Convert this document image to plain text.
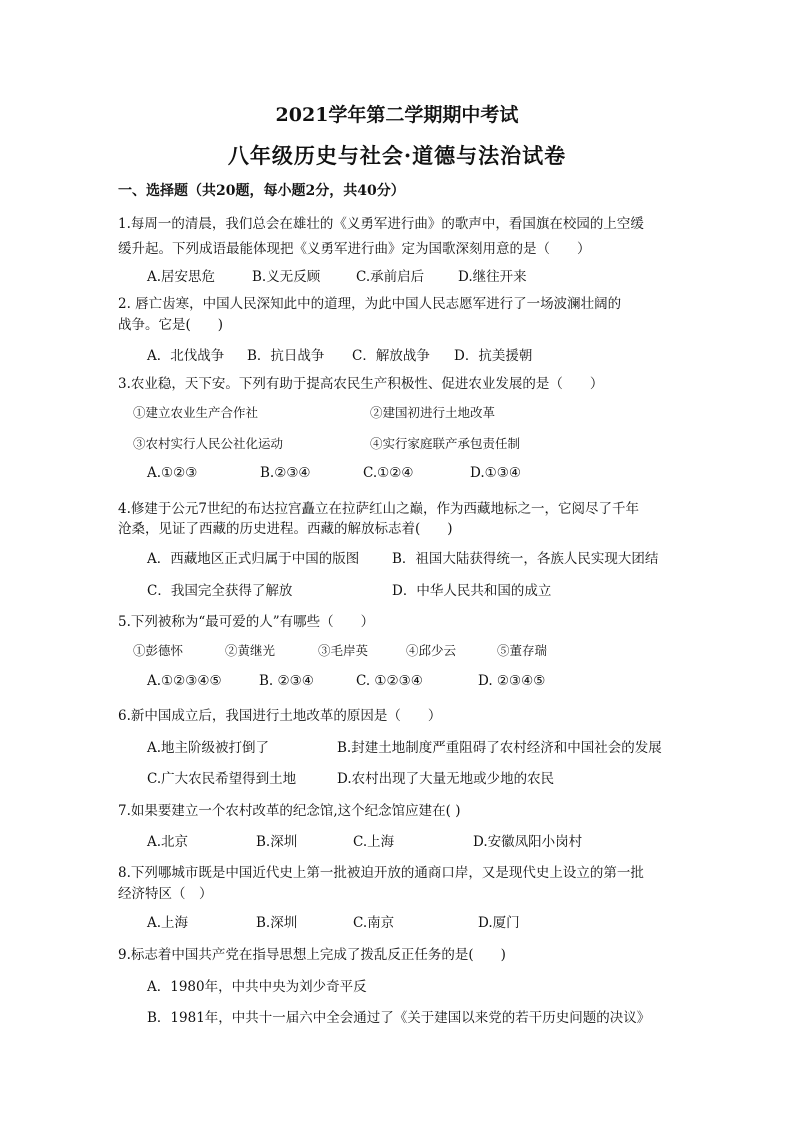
2021学年第二学期期中考试
八年级历史与社会·道德与法治试卷
一、选择题（共20题，每小题2分，共40分）
1.每周一的清晨，我们总会在雄壮的《义勇军进行曲》的歌声中，看国旗在校园的上空缓
缓升起。下列成语最能体现把《义勇军进行曲》定为国歌深刻用意的是（　　）
A.居安思危	B.义无反顾	C.承前启后	D.继往开来
2. 唇亡齿寒，中国人民深知此中的道理，为此中国人民志愿军进行了一场波澜壮阔的
战争。它是(　　)
A．北伐战争 B．抗日战争 C．解放战争 D．抗美援朝
3.农业稳，天下安。下列有助于提高农民生产积极性、促进农业发展的是（　　）
①建立农业生产合作社	②建国初进行土地改革
③农村实行人民公社化运动	④实行家庭联产承包责任制
A.①②③	B.②③④	C.①②④	D.①③④
4.修建于公元7世纪的布达拉宫矗立在拉萨红山之巅，作为西藏地标之一，它阅尽了千年
沧桑，见证了西藏的历史进程。西藏的解放标志着(　　)
A．西藏地区正式归属于中国的版图 B．祖国大陆获得统一，各族人民实现大团结
C．我国完全获得了解放	D．中华人民共和国的成立
5.下列被称为“最可爱的人”有哪些（　　）
①彭德怀	②黄继光	③毛岸英	④邱少云	⑤董存瑞
A.①②③④⑤	B. ②③④	C. ①②③④	D. ②③④⑤
6.新中国成立后，我国进行土地改革的原因是（　　）
A.地主阶级被打倒了	B.封建土地制度严重阻碍了农村经济和中国社会的发展
C.广大农民希望得到土地	D.农村出现了大量无地或少地的农民
7.如果要建立一个农村改革的纪念馆,这个纪念馆应建在( )
A.北京	B.深圳	C.上海	D.安徽凤阳小岗村
8.下列哪城市既是中国近代史上第一批被迫开放的通商口岸，又是现代史上设立的第一批
经济特区（　）
A.上海	B.深圳	C.南京	D.厦门
9.标志着中国共产党在指导思想上完成了拨乱反正任务的是(　　)
A．1980年，中共中央为刘少奇平反
B．1981年，中共十一届六中全会通过了《关于建国以来党的若干历史问题的决议》
